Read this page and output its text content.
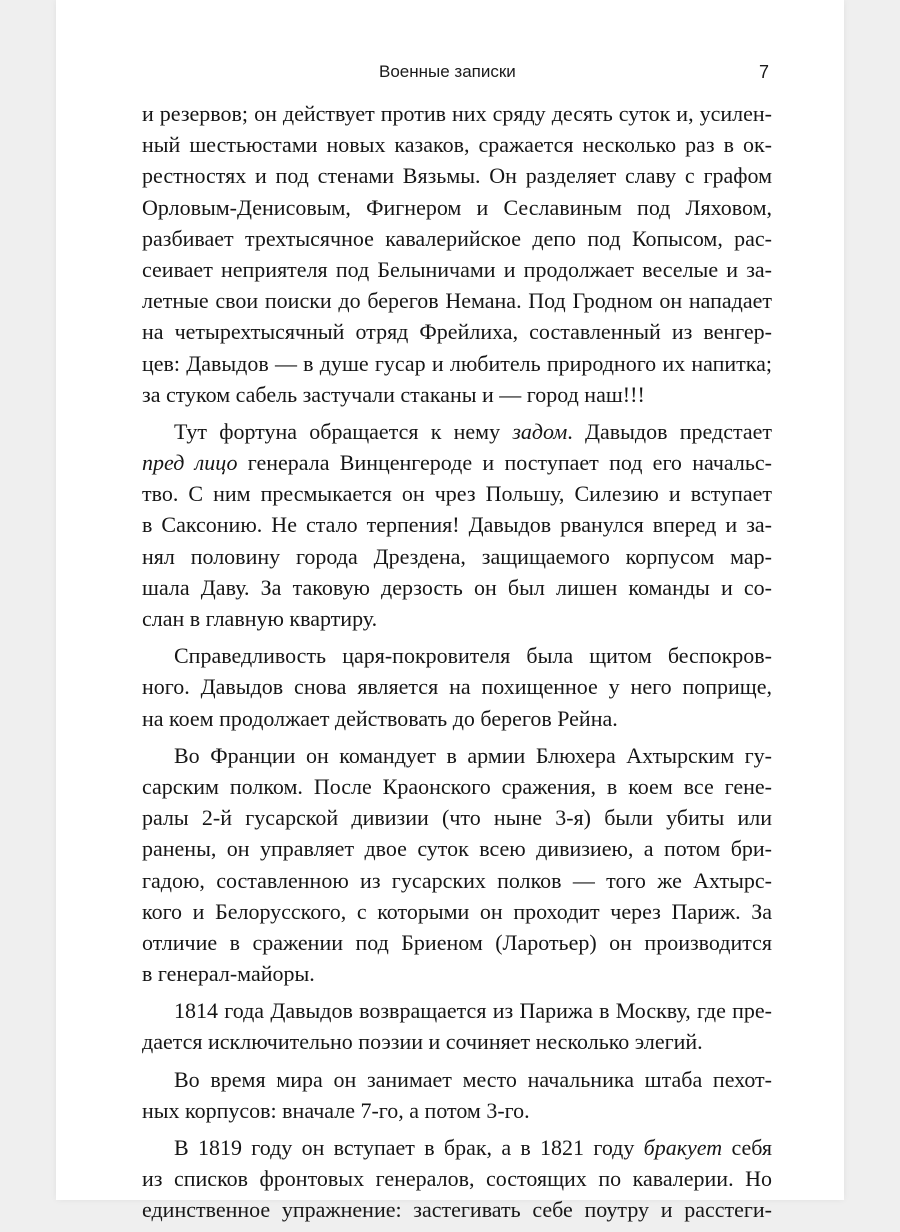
Военные записки	7

и резервов; он действует против них сряду десять суток и, усилен-
ный шестьюстами новых казаков, сражается несколько раз в ок-
рестностях и под стенами Вязьмы. Он разделяет славу с графом
Орловым-Денисовым, Фигнером и Сеславиным под Ляховом,
разбивает трехтысячное кавалерийское депо под Копысом, рас-
сеивает неприятеля под Белыничами и продолжает веселые и за-
летные свои поиски до берегов Немана. Под Гродном он нападает
на четырехтысячный отряд Фрейлиха, составленный из венгер-
цев: Давыдов — в душе гусар и любитель природного их напитка;
за стуком сабель застучали стаканы и — город наш!!!

Тут фортуна обращается к нему задом. Давыдов предстает
пред лицо генерала Винценгероде и поступает под его начальс-
тво. С ним пресмыкается он чрез Польшу, Силезию и вступает
в Саксонию. Не стало терпения! Давыдов рванулся вперед и за-
нял половину города Дрездена, защищаемого корпусом мар-
шала Даву. За таковую дерзость он был лишен команды и со-
слан в главную квартиру.

Справедливость царя-покровителя была щитом беспокров-
ного. Давыдов снова является на похищенное у него поприще,
на коем продолжает действовать до берегов Рейна.

Во Франции он командует в армии Блюхера Ахтырским гу-
сарским полком. После Краонского сражения, в коем все генe-
ралы 2-й гусарской дивизии (что ныне 3-я) были убиты или
ранены, он управляет двое суток всею дивизиею, а потом бри-
гадою, составленною из гусарских полков — того же Ахтырс-
кого и Белорусского, с которыми он проходит через Париж. За
отличие в сражении под Бриеном (Ларотьер) он производится
в генерал-майоры.

1814 года Давыдов возвращается из Парижа в Москву, где пре-
дается исключительно поэзии и сочиняет несколько элегий.

Во время мира он занимает место начальника штаба пехот-
ных корпусов: вначале 7-го, а потом 3-го.

В 1819 году он вступает в брак, а в 1821 году бракует себя
из списков фронтовых генералов, состоящих по кавалерии. Но
единственное упражнение: застегивать себе поутру и расстеги-
